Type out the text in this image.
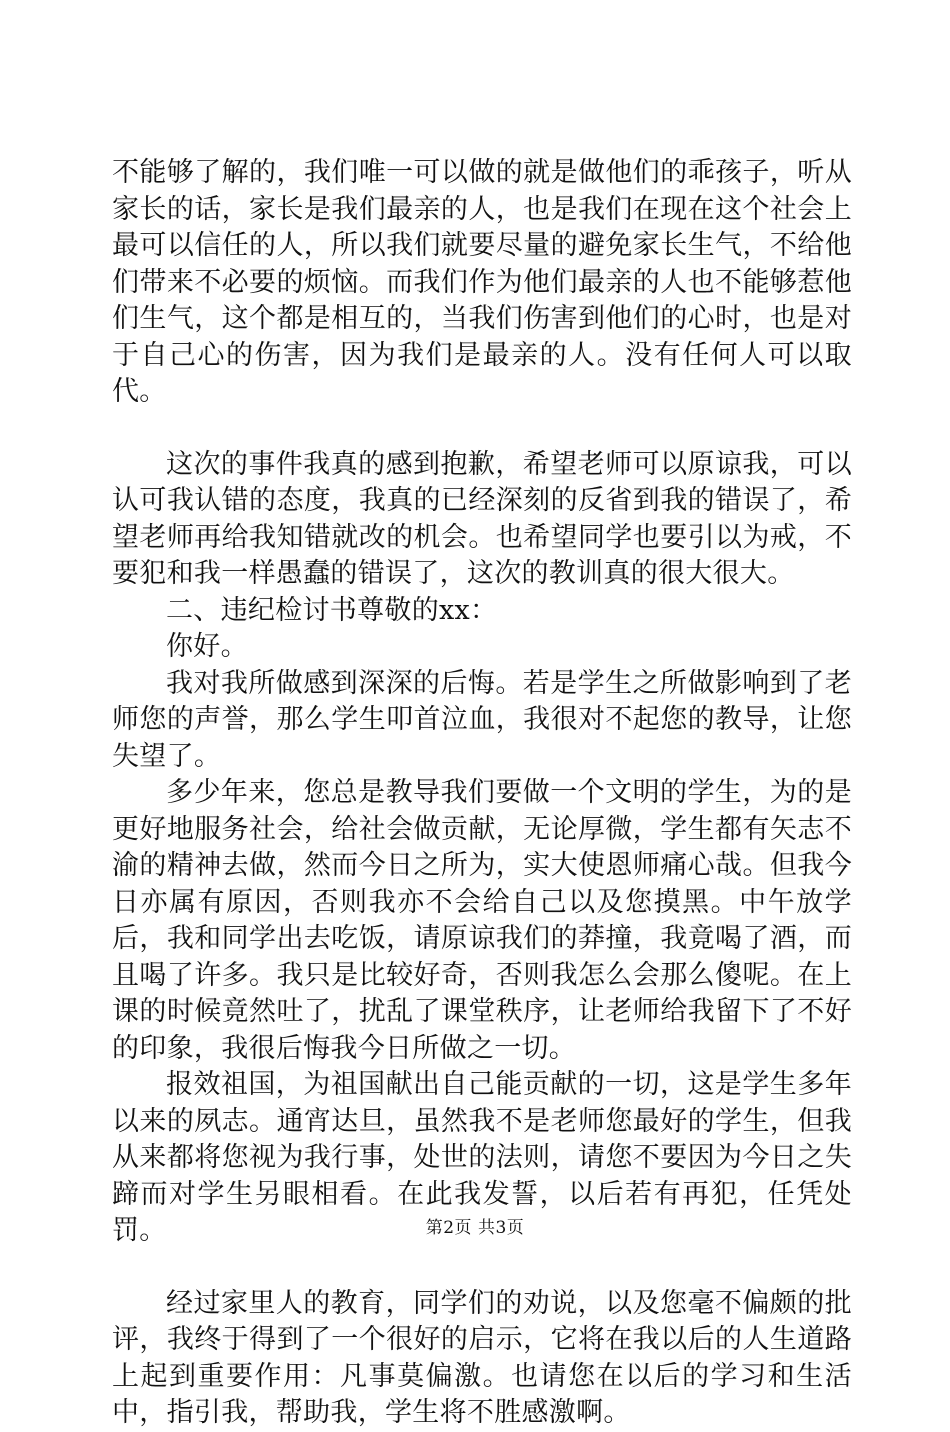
不能够了解的，我们唯一可以做的就是做他们的乖孩子，听从家长的话，家长是我们最亲的人，也是我们在现在这个社会上最可以信任的人，所以我们就要尽量的避免家长生气，不给他们带来不必要的烦恼。而我们作为他们最亲的人也不能够惹他们生气，这个都是相互的，当我们伤害到他们的心时，也是对于自己心的伤害，因为我们是最亲的人。没有任何人可以取代。

这次的事件我真的感到抱歉，希望老师可以原谅我，可以认可我认错的态度，我真的已经深刻的反省到我的错误了，希望老师再给我知错就改的机会。也希望同学也要引以为戒，不要犯和我一样愚蠢的错误了，这次的教训真的很大很大。

二、违纪检讨书尊敬的xx：

你好。

我对我所做感到深深的后悔。若是学生之所做影响到了老师您的声誉，那么学生叩首泣血，我很对不起您的教导，让您失望了。

多少年来，您总是教导我们要做一个文明的学生，为的是更好地服务社会，给社会做贡献，无论厚微，学生都有矢志不渝的精神去做，然而今日之所为，实大使恩师痛心哉。但我今日亦属有原因，否则我亦不会给自己以及您摸黑。中午放学后，我和同学出去吃饭，请原谅我们的莽撞，我竟喝了酒，而且喝了许多。我只是比较好奇，否则我怎么会那么傻呢。在上课的时候竟然吐了，扰乱了课堂秩序，让老师给我留下了不好的印象，我很后悔我今日所做之一切。

报效祖国，为祖国献出自己能贡献的一切，这是学生多年以来的夙志。通宵达旦，虽然我不是老师您最好的学生，但我从来都将您视为我行事，处世的法则，请您不要因为今日之失蹄而对学生另眼相看。在此我发誓，以后若有再犯，任凭处罚。

经过家里人的教育，同学们的劝说，以及您毫不偏颇的批评，我终于得到了一个很好的启示，它将在我以后的人生道路上起到重要作用：凡事莫偏激。也请您在以后的学习和生活中，指引我，帮助我，学生将不胜感激啊。

第2页 共3页
